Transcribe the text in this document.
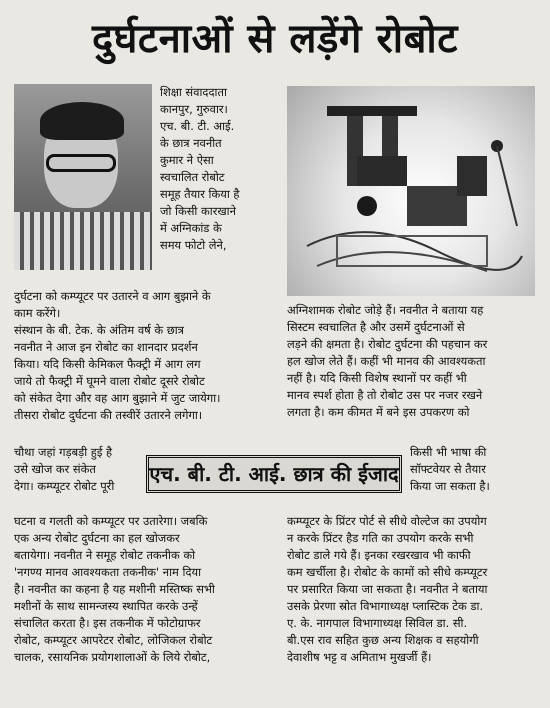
दुर्घटनाओं से लड़ेंगे रोबोट
शिक्षा संवाददाता
कानपुर, गुरुवार।
एच. बी. टी. आई.
के छात्र नवनीत
कुमार ने ऐसा
स्वचालित रोबोट
समूह तैयार किया है
जो किसी कारखाने
में अग्निकांड के
समय फोटो लेने,
दुर्घटना को कम्प्यूटर पर उतारने व आग बुझाने के
काम करेंगे।
संस्थान के बी. टेक. के अंतिम वर्ष के छात्र
नवनीत ने आज इन रोबोट का शानदार प्रदर्शन
किया। यदि किसी केमिकल फैक्ट्री में आग लग
जाये तो फैक्ट्री में घूमने वाला रोबोट दूसरे रोबोट
को संकेत देगा और वह आग बुझाने में जुट जायेगा।
तीसरा रोबोट दुर्घटना की तस्वीरें उतारने लगेगा।
चौथा जहां गड़बड़ी हुई है
उसे खोज कर संकेत
देगा। कम्प्यूटर रोबोट पूरी
घटना व गलती को कम्प्यूटर पर उतारेगा। जबकि
एक अन्य रोबोट दुर्घटना का हल खोजकर
बतायेगा। नवनीत ने समूह रोबोट तकनीक को
'नगण्य मानव आवश्यकता तकनीक' नाम दिया
है। नवनीत का कहना है यह मशीनी मस्तिष्क सभी
मशीनों के साथ सामन्जस्य स्थापित करके उन्हें
संचालित करता है। इस तकनीक में फोटोग्राफर
रोबोट, कम्प्यूटर आपरेटर रोबोट, लोजिकल रोबोट
चालक, रसायनिक प्रयोगशालाओं के लिये रोबोट,
अग्निशामक रोबोट जोड़े हैं। नवनीत ने बताया यह
सिस्टम स्वचालित है और उसमें दुर्घटनाओं से
लड़ने की क्षमता है। रोबोट दुर्घटना की पहचान कर
हल खोज लेते हैं। कहीं भी मानव की आवश्यकता
नहीं है। यदि किसी विशेष स्थानों पर कहीं भी
मानव स्पर्श होता है तो रोबोट उस पर नजर रखने
लगता है। कम कीमत में बने इस उपकरण को
किसी भी भाषा की
सॉफ्टवेयर से तैयार
किया जा सकता है।
कम्प्यूटर के प्रिंटर पोर्ट से सीधे वोल्टेज का उपयोग
न करके प्रिंटर हैड गति का उपयोग करके सभी
रोबोट डाले गये हैं। इनका रखरखाव भी काफी
कम खर्चीला है। रोबोट के कामों को सीधे कम्प्यूटर
पर प्रसारित किया जा सकता है। नवनीत ने बताया
उसके प्रेरणा स्रोत विभागाध्यक्ष प्लास्टिक टेक डा.
ए. के. नागपाल विभागाध्यक्ष सिविल डा. सी.
बी.एस राव सहित कुछ अन्य शिक्षक व सहयोगी
देवाशीष भट्ट व अमिताभ मुखर्जी हैं।
एच. बी. टी. आई. छात्र की ईजाद
